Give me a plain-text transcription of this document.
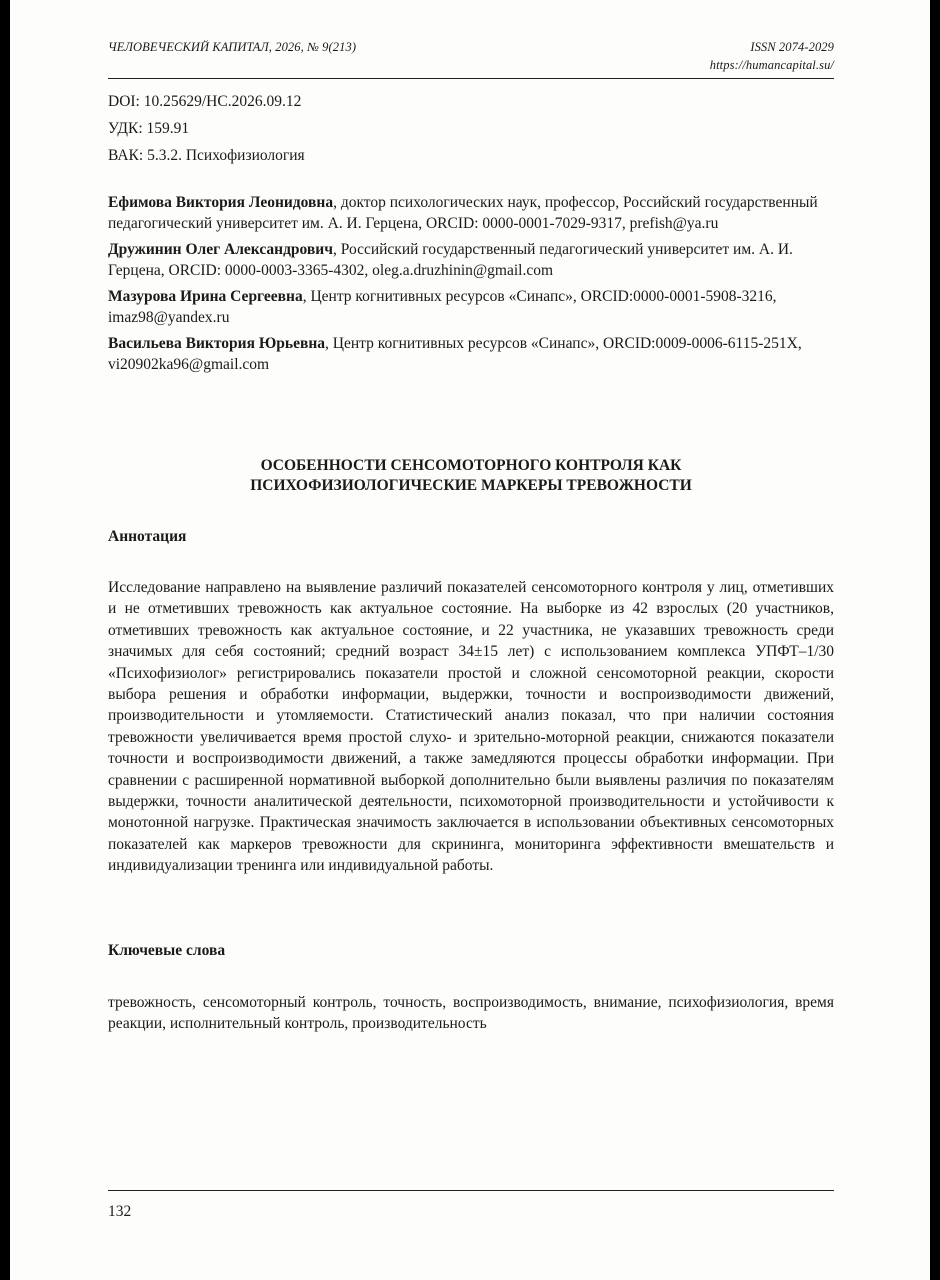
ЧЕЛОВЕЧЕСКИЙ КАПИТАЛ, 2026, № 9(213)	ISSN 2074-2029
https://humancapital.su/
DOI: 10.25629/HC.2026.09.12
УДК: 159.91
ВАК: 5.3.2. Психофизиология

Ефимова Виктория Леонидовна, доктор психологических наук, профессор, Российский государственный педагогический университет им. А. И. Герцена, ORCID: 0000-0001-7029-9317, prefish@ya.ru

Дружинин Олег Александрович, Российский государственный педагогический университет им. А. И. Герцена, ORCID: 0000-0003-3365-4302, oleg.a.druzhinin@gmail.com

Мазурова Ирина Сергеевна, Центр когнитивных ресурсов «Синапс», ORCID:0000-0001-5908-3216, imaz98@yandex.ru

Васильева Виктория Юрьевна, Центр когнитивных ресурсов «Синапс», ORCID:0009-0006-6115-251X, vi20902ka96@gmail.com

ОСОБЕННОСТИ СЕНСОМОТОРНОГО КОНТРОЛЯ КАК
ПСИХОФИЗИОЛОГИЧЕСКИЕ МАРКЕРЫ ТРЕВОЖНОСТИ
Аннотация

Исследование направлено на выявление различий показателей сенсомоторного контроля у лиц, отметивших и не отметивших тревожность как актуальное состояние. На выборке из 42 взрослых (20 участников, отметивших тревожность как актуальное состояние, и 22 участника, не указавших тревожность среди значимых для себя состояний; средний возраст 34±15 лет) с использованием комплекса УПФТ–1/30 «Психофизиолог» регистрировались показатели простой и сложной сенсомоторной реакции, скорости выбора решения и обработки информации, выдержки, точности и воспроизводимости движений, производительности и утомляемости. Статистический анализ показал, что при наличии состояния тревожности увеличивается время простой слухо- и зрительно-моторной реакции, снижаются показатели точности и воспроизводимости движений, а также замедляются процессы обработки информации. При сравнении с расширенной нормативной выборкой дополнительно были выявлены различия по показателям выдержки, точности аналитической деятельности, психомоторной производительности и устойчивости к монотонной нагрузке. Практическая значимость заключается в использовании объективных сенсомоторных показателей как маркеров тревожности для скрининга, мониторинга эффективности вмешательств и индивидуализации тренинга или индивидуальной работы.

Ключевые слова

тревожность, сенсомоторный контроль, точность, воспроизводимость, внимание, психофизиология, время реакции, исполнительный контроль, производительность

132
